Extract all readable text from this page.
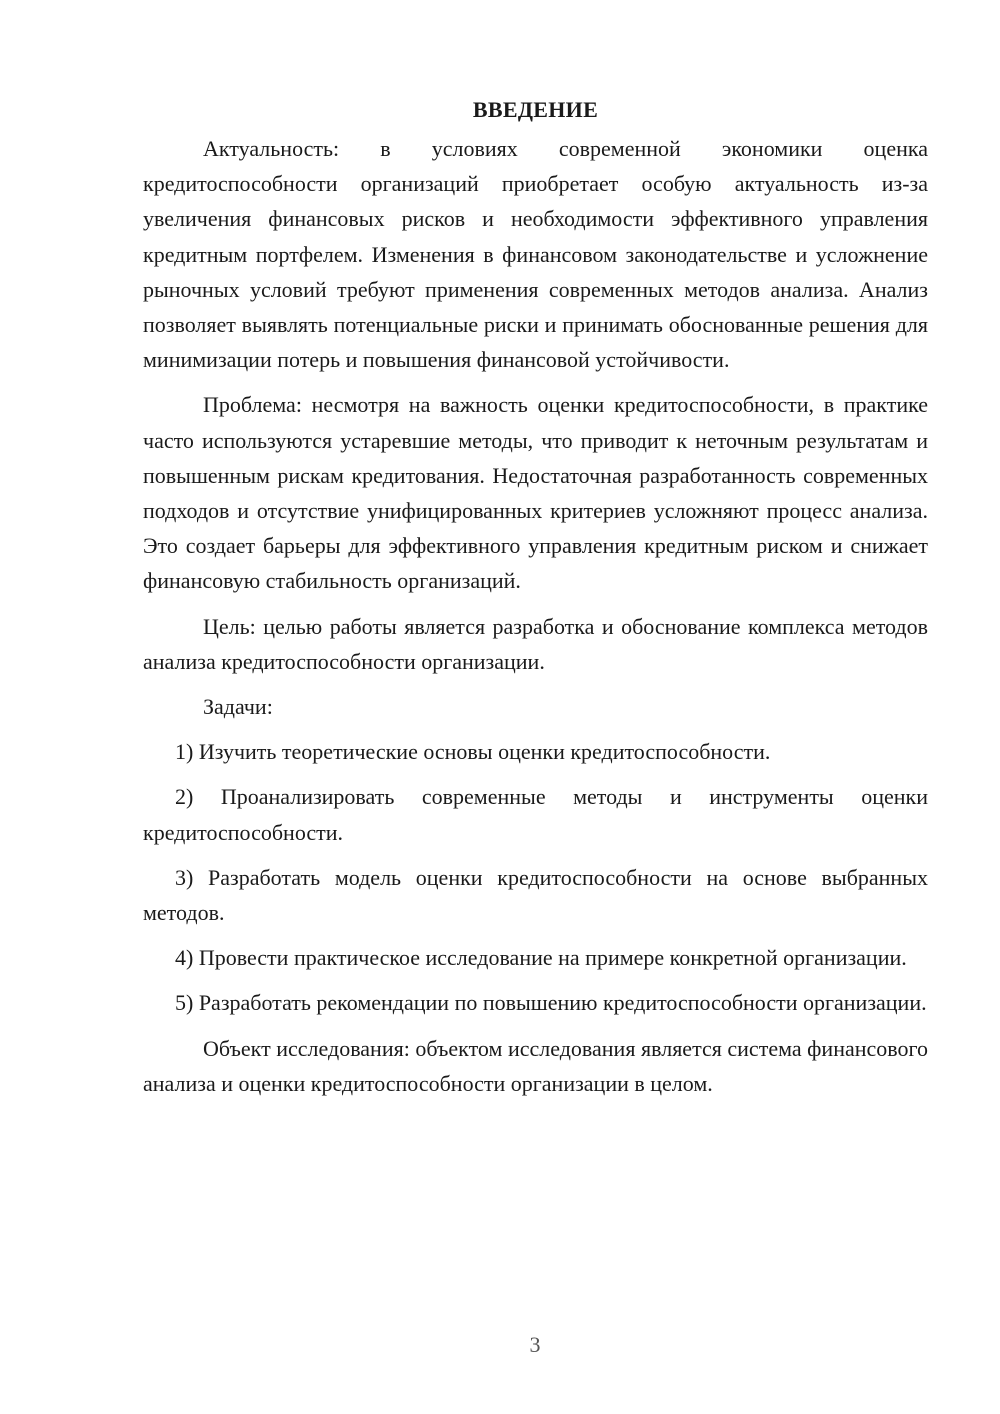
ВВЕДЕНИЕ

Актуальность: в условиях современной экономики оценка кредитоспособности организаций приобретает особую актуальность из-за увеличения финансовых рисков и необходимости эффективного управления кредитным портфелем. Изменения в финансовом законодательстве и усложнение рыночных условий требуют применения современных методов анализа. Анализ позволяет выявлять потенциальные риски и принимать обоснованные решения для минимизации потерь и повышения финансовой устойчивости.

Проблема: несмотря на важность оценки кредитоспособности, в практике часто используются устаревшие методы, что приводит к неточным результатам и повышенным рискам кредитования. Недостаточная разработанность современных подходов и отсутствие унифицированных критериев усложняют процесс анализа. Это создает барьеры для эффективного управления кредитным риском и снижает финансовую стабильность организаций.

Цель: целью работы является разработка и обоснование комплекса методов анализа кредитоспособности организации.

Задачи:

1) Изучить теоретические основы оценки кредитоспособности.

2) Проанализировать современные методы и инструменты оценки кредитоспособности.

3) Разработать модель оценки кредитоспособности на основе выбранных методов.

4) Провести практическое исследование на примере конкретной организации.

5) Разработать рекомендации по повышению кредитоспособности организации.

Объект исследования: объектом исследования является система финансового анализа и оценки кредитоспособности организации в целом.

3
